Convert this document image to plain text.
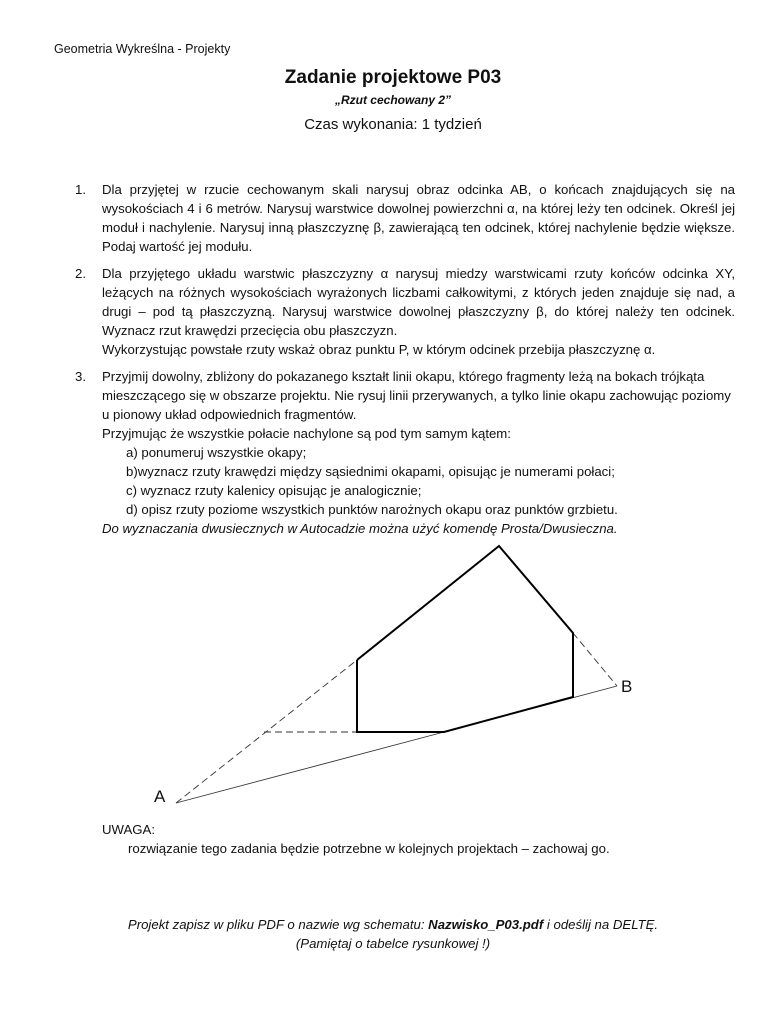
Geometria Wykreślna - Projekty
Zadanie projektowe P03
„Rzut cechowany 2”
Czas wykonania: 1 tydzień
1. Dla przyjętej w rzucie cechowanym skali narysuj obraz odcinka AB, o końcach znajdujących się na wysokościach 4 i 6 metrów. Narysuj warstwice dowolnej powierzchni α, na której leży ten odcinek. Określ jej moduł i nachylenie. Narysuj inną płaszczyznę β, zawierającą ten odcinek, której nachylenie będzie większe. Podaj wartość jej modułu.

2. Dla przyjętego układu warstwic płaszczyzny α narysuj miedzy warstwicami rzuty końców odcinka XY, leżących na różnych wysokościach wyrażonych liczbami całkowitymi, z których jeden znajduje się nad, a drugi – pod tą płaszczyzną. Narysuj warstwice dowolnej płaszczyzny β, do której należy ten odcinek. Wyznacz rzut krawędzi przecięcia obu płaszczyzn.

Wykorzystując powstałe rzuty wskaż obraz punktu P, w którym odcinek przebija płaszczyznę α.

3. Przyjmij dowolny, zbliżony do pokazanego kształt linii okapu, którego fragmenty leżą na bokach trójkąta mieszczącego się w obszarze projektu. Nie rysuj linii przerywanych, a tylko linie okapu zachowując poziomy u pionowy układ odpowiednich fragmentów.

Przyjmując że wszystkie połacie nachylone są pod tym samym kątem:

a) ponumeruj wszystkie okapy;

b)wyznacz rzuty krawędzi między sąsiednimi okapami, opisując je numerami połaci;

c) wyznacz rzuty kalenicy opisując je analogicznie;

d) opisz rzuty poziome wszystkich punktów narożnych okapu oraz punktów grzbietu.

Do wyznaczania dwusiecznych w Autocadzie można użyć komendę Prosta/Dwusieczna.

A
B
UWAGA:
rozwiązanie tego zadania będzie potrzebne w kolejnych projektach – zachowaj go.
Projekt zapisz w pliku PDF o nazwie wg schematu: Nazwisko_P03.pdf i odeślij na DELTĘ.
(Pamiętaj o tabelce rysunkowej !)
